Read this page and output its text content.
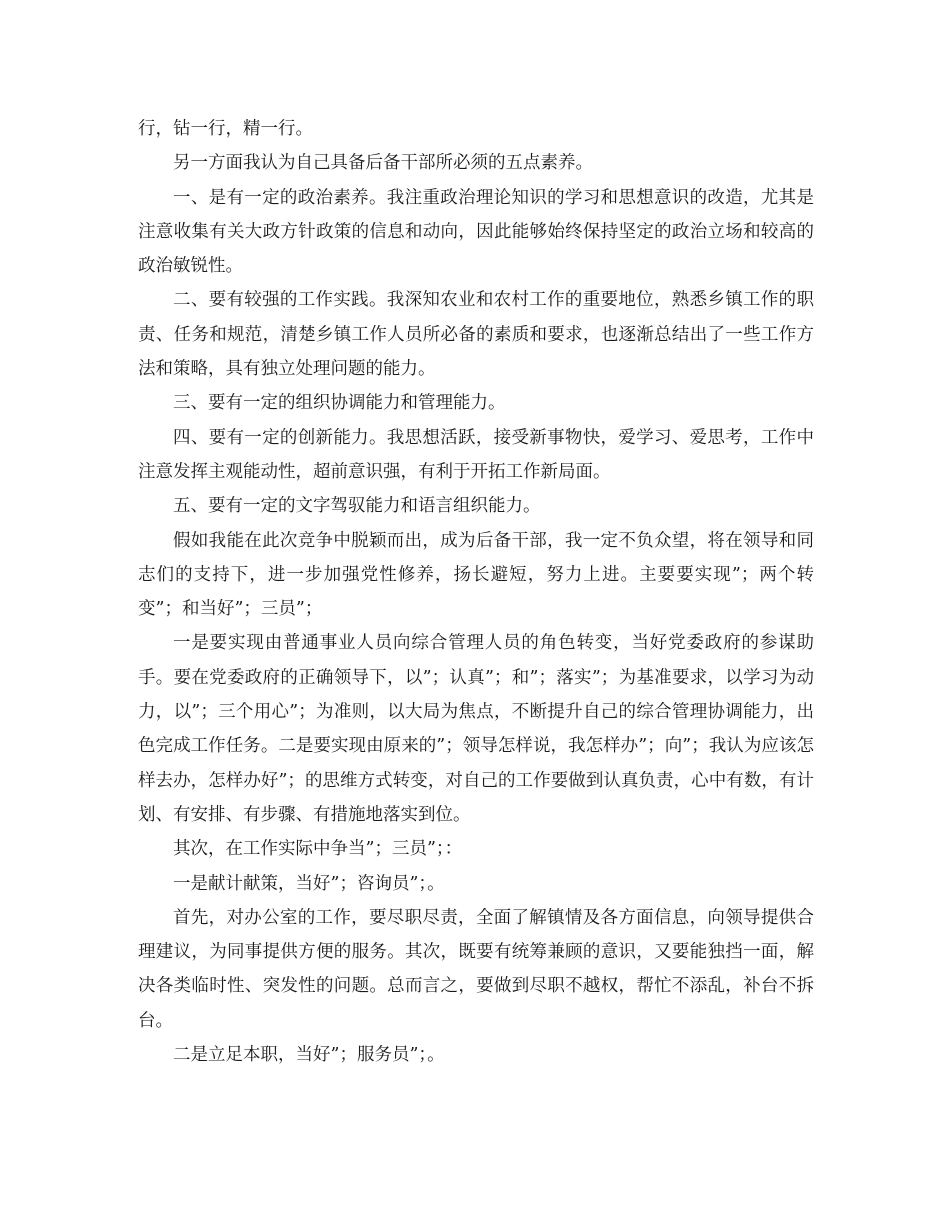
行，钻一行，精一行。

另一方面我认为自己具备后备干部所必须的五点素养。

一、是有一定的政治素养。我注重政治理论知识的学习和思想意识的改造，尤其是注意收集有关大政方针政策的信息和动向，因此能够始终保持坚定的政治立场和较高的政治敏锐性。

二、要有较强的工作实践。我深知农业和农村工作的重要地位，熟悉乡镇工作的职责、任务和规范，清楚乡镇工作人员所必备的素质和要求，也逐渐总结出了一些工作方法和策略，具有独立处理问题的能力。

三、要有一定的组织协调能力和管理能力。

四、要有一定的创新能力。我思想活跃，接受新事物快，爱学习、爱思考，工作中注意发挥主观能动性，超前意识强，有利于开拓工作新局面。

五、要有一定的文字驾驭能力和语言组织能力。

假如我能在此次竞争中脱颖而出，成为后备干部，我一定不负众望，将在领导和同志们的支持下，进一步加强党性修养，扬长避短，努力上进。主要要实现”；两个转变”；和当好”；三员”；

一是要实现由普通事业人员向综合管理人员的角色转变，当好党委政府的参谋助手。要在党委政府的正确领导下，以”；认真”；和”；落实”；为基准要求，以学习为动力，以”；三个用心”；为准则，以大局为焦点，不断提升自己的综合管理协调能力，出色完成工作任务。二是要实现由原来的”；领导怎样说，我怎样办”；向”；我认为应该怎样去办，怎样办好”；的思维方式转变，对自己的工作要做到认真负责，心中有数，有计划、有安排、有步骤、有措施地落实到位。

其次，在工作实际中争当”；三员”；：

一是献计献策，当好”；咨询员”；。

首先，对办公室的工作，要尽职尽责，全面了解镇情及各方面信息，向领导提供合理建议，为同事提供方便的服务。其次，既要有统筹兼顾的意识，又要能独挡一面，解决各类临时性、突发性的问题。总而言之，要做到尽职不越权，帮忙不添乱，补台不拆台。

二是立足本职，当好”；服务员”；。
